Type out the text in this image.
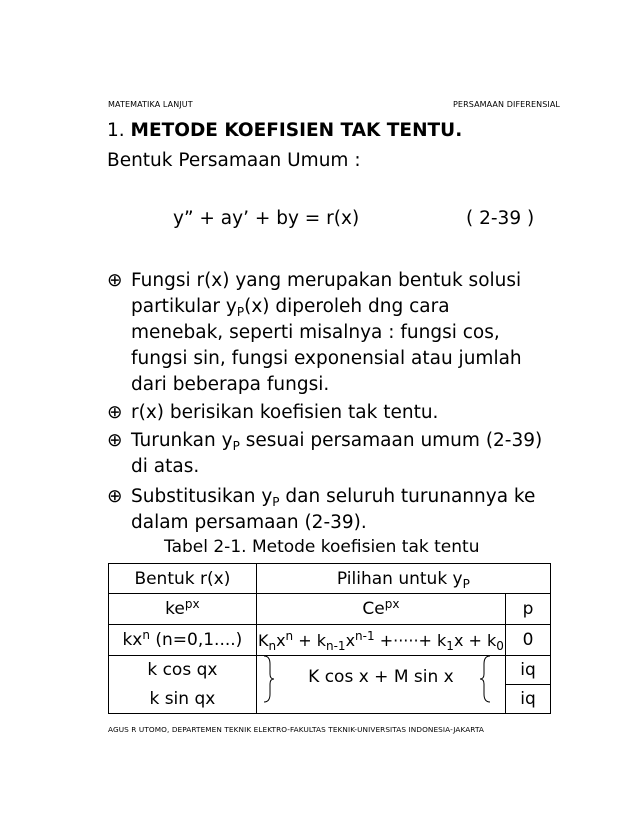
MATEMATIKA LANJUT	PERSAMAAN DIFERENSIAL
1. METODE KOEFISIEN TAK TENTU.
Bentuk Persamaan Umum :
y” + ay’ + by = r(x)	( 2-39 )
⊕ Fungsi r(x) yang merupakan bentuk solusi
partikular $y_P(x)$ diperoleh dng cara
menebak, seperti misalnya : fungsi cos,
fungsi sin, fungsi exponensial atau jumlah
dari beberapa fungsi.
⊕ r(x) berisikan koefisien tak tentu.
⊕ Turunkan $y_P$ sesuai persamaan umum (2-39)
di atas.
⊕ Substitusikan $y_P$ dan seluruh turunannya ke
dalam persamaan (2-39).
Tabel 2-1. Metode koefisien tak tentu
Bentuk r(x)	Pilihan untuk $y_P$
$ke^{px}$	$Ce^{px}$	p
$kx^n$ (n=0,1....)	$K_nx^n + k_{n-1}x^{n-1}$ +·····+ $k_1x + k_0$	0
k cos qx	K cos x + M sin x	iq
k sin qx		iq
AGUS R UTOMO, DEPARTEMEN TEKNIK ELEKTRO-FAKULTAS TEKNIK-UNIVERSITAS INDONESIA-JAKARTA
